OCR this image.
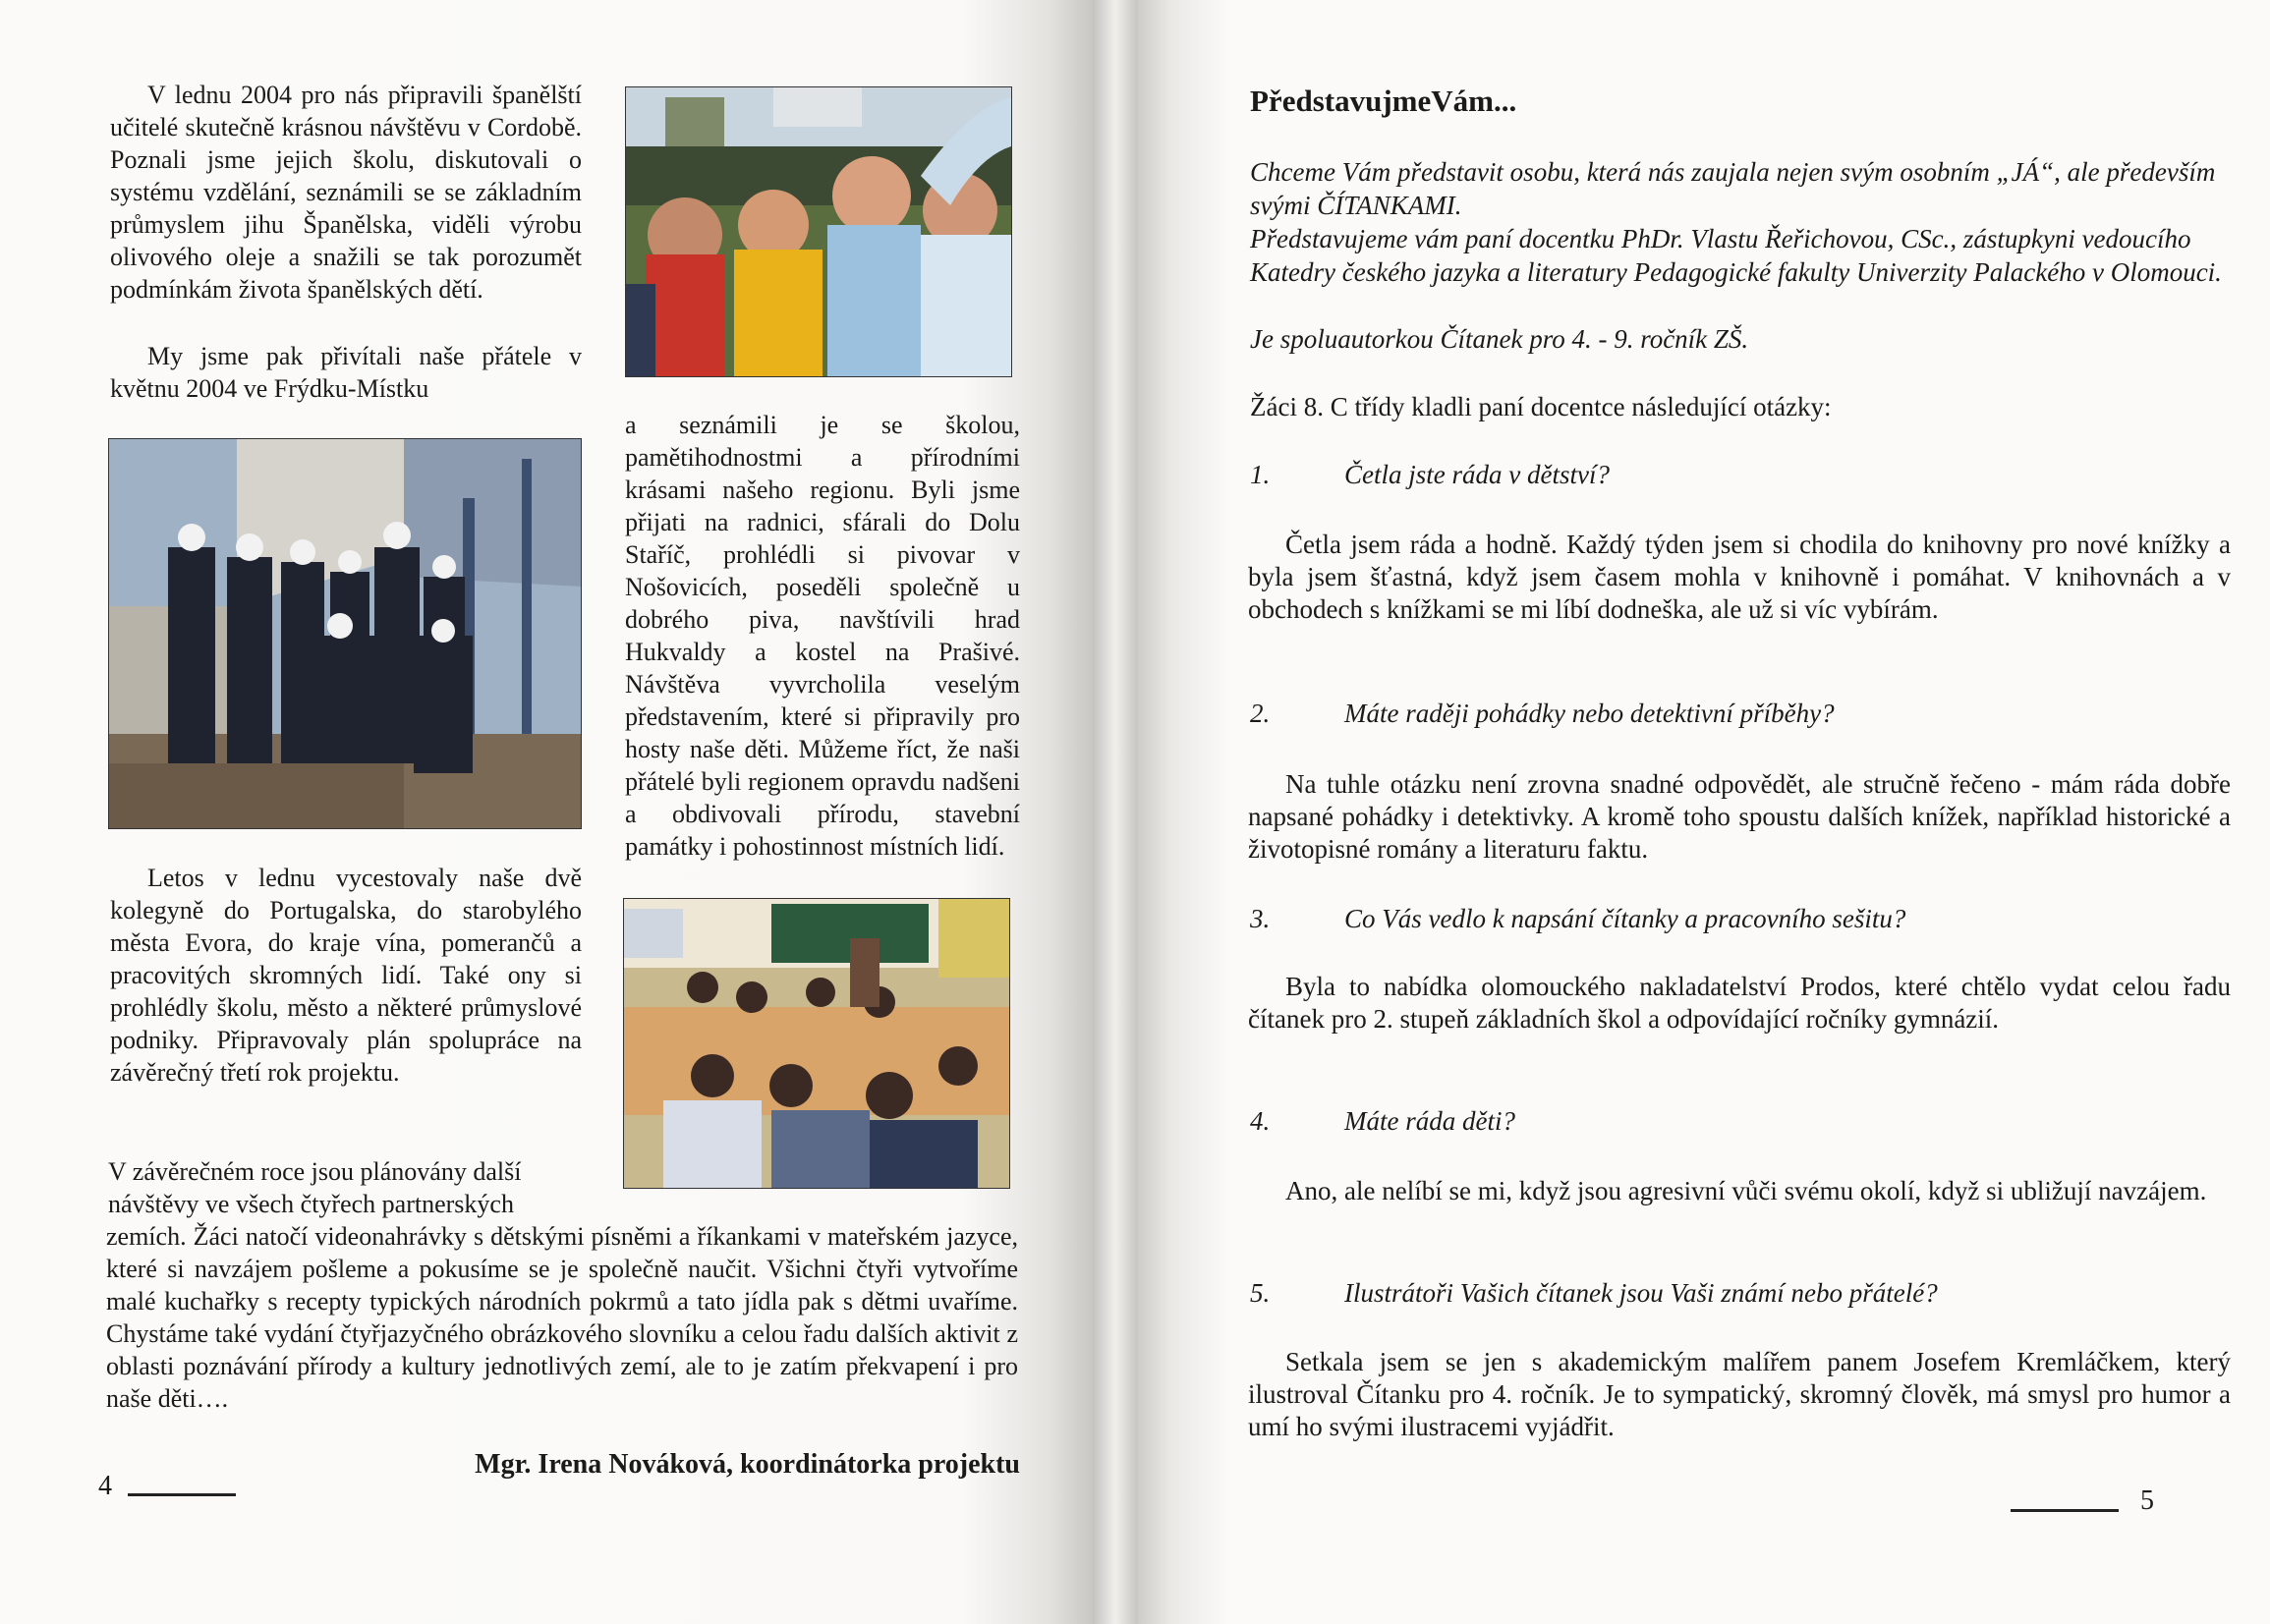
V lednu 2004 pro nás připravili španělští učitelé skutečně krásnou návštěvu v Cordobě. Poznali jsme jejich školu, diskutovali o systému vzdělání, seznámili se se základním průmyslem jihu Španělska, viděli výrobu olivového oleje a snažili se tak porozumět podmínkám života španělských dětí.

My jsme pak přivítali naše přátele v květnu 2004 ve Frýdku-Místku

a seznámili je se školou, pamětihodnostmi a přírodními krásami našeho regionu. Byli jsme přijati na radnici, sfárali do Dolu Staříč, prohlédli si pivovar v Nošovicích, poseděli společně u dobrého piva, navštívili hrad Hukvaldy a kostel na Prašivé. Návštěva vyvrcholila veselým představením, které si připravily pro hosty naše děti. Můžeme říct, že naši přátelé byli regionem opravdu nadšeni a obdivovali přírodu, stavební památky i pohostinnost místních lidí.

Letos v lednu vycestovaly naše dvě kolegyně do Portugalska, do starobylého města Evora, do kraje vína, pomerančů a pracovitých skromných lidí. Také ony si prohlédly školu, město a některé průmyslové podniky. Připravovaly plán spolupráce na závěrečný třetí rok projektu.

V závěrečném roce jsou plánovány další

návštěvy ve všech čtyřech partnerských

zemích. Žáci natočí videonahrávky s dětskými písněmi a říkankami v mateřském jazyce, které si navzájem pošleme a pokusíme se je společně naučit. Všichni čtyři vytvoříme malé kuchařky s recepty typických národních pokrmů a tato jídla pak s dětmi uvaříme. Chystáme také vydání čtyřjazyčného obrázkového slovníku a celou řadu dalších aktivit z oblasti poznávání přírody a kultury jednotlivých zemí, ale to je zatím překvapení i pro naše děti….

Mgr. Irena Nováková, koordinátorka projektu
4
PředstavujmeVám...

Chceme Vám představit osobu, která nás zaujala nejen svým osobním „JÁ“, ale především svými ČÍTANKAMI.

Představujeme vám paní docentku PhDr. Vlastu Řeřichovou, CSc., zástupkyni vedoucího Katedry českého jazyka a literatury Pedagogické fakulty Univerzity Palackého v Olomouci.

Je spoluautorkou Čítanek pro 4. - 9. ročník ZŠ.

Žáci 8. C třídy kladli paní docentce následující otázky:

1.	Četla jste ráda v dětství?

Četla jsem ráda a hodně. Každý týden jsem si chodila do knihovny pro nové knížky a byla jsem šťastná, když jsem časem mohla v knihovně i pomáhat. V knihovnách a v obchodech s knížkami se mi líbí dodneška, ale už si víc vybírám.

2.	Máte raději pohádky nebo detektivní příběhy?

Na tuhle otázku není zrovna snadné odpovědět, ale stručně řečeno - mám ráda dobře napsané pohádky i detektivky. A kromě toho spoustu dalších knížek, například historické a životopisné romány a literaturu faktu.

3.	Co Vás vedlo k napsání čítanky a pracovního sešitu?

Byla to nabídka olomouckého nakladatelství Prodos, které chtělo vydat celou řadu čítanek pro 2. stupeň základních škol a odpovídající ročníky gymnázií.

4.	Máte ráda děti?

Ano, ale nelíbí se mi, když jsou agresivní vůči svému okolí, když si ubližují navzájem.

5.	Ilustrátoři Vašich čítanek jsou Vaši známí nebo přátelé?

Setkala jsem se jen s akademickým malířem panem Josefem Kremláčkem, který ilustroval Čítanku pro 4. ročník. Je to sympatický, skromný člověk, má smysl pro humor a umí ho svými ilustracemi vyjádřit.

5
